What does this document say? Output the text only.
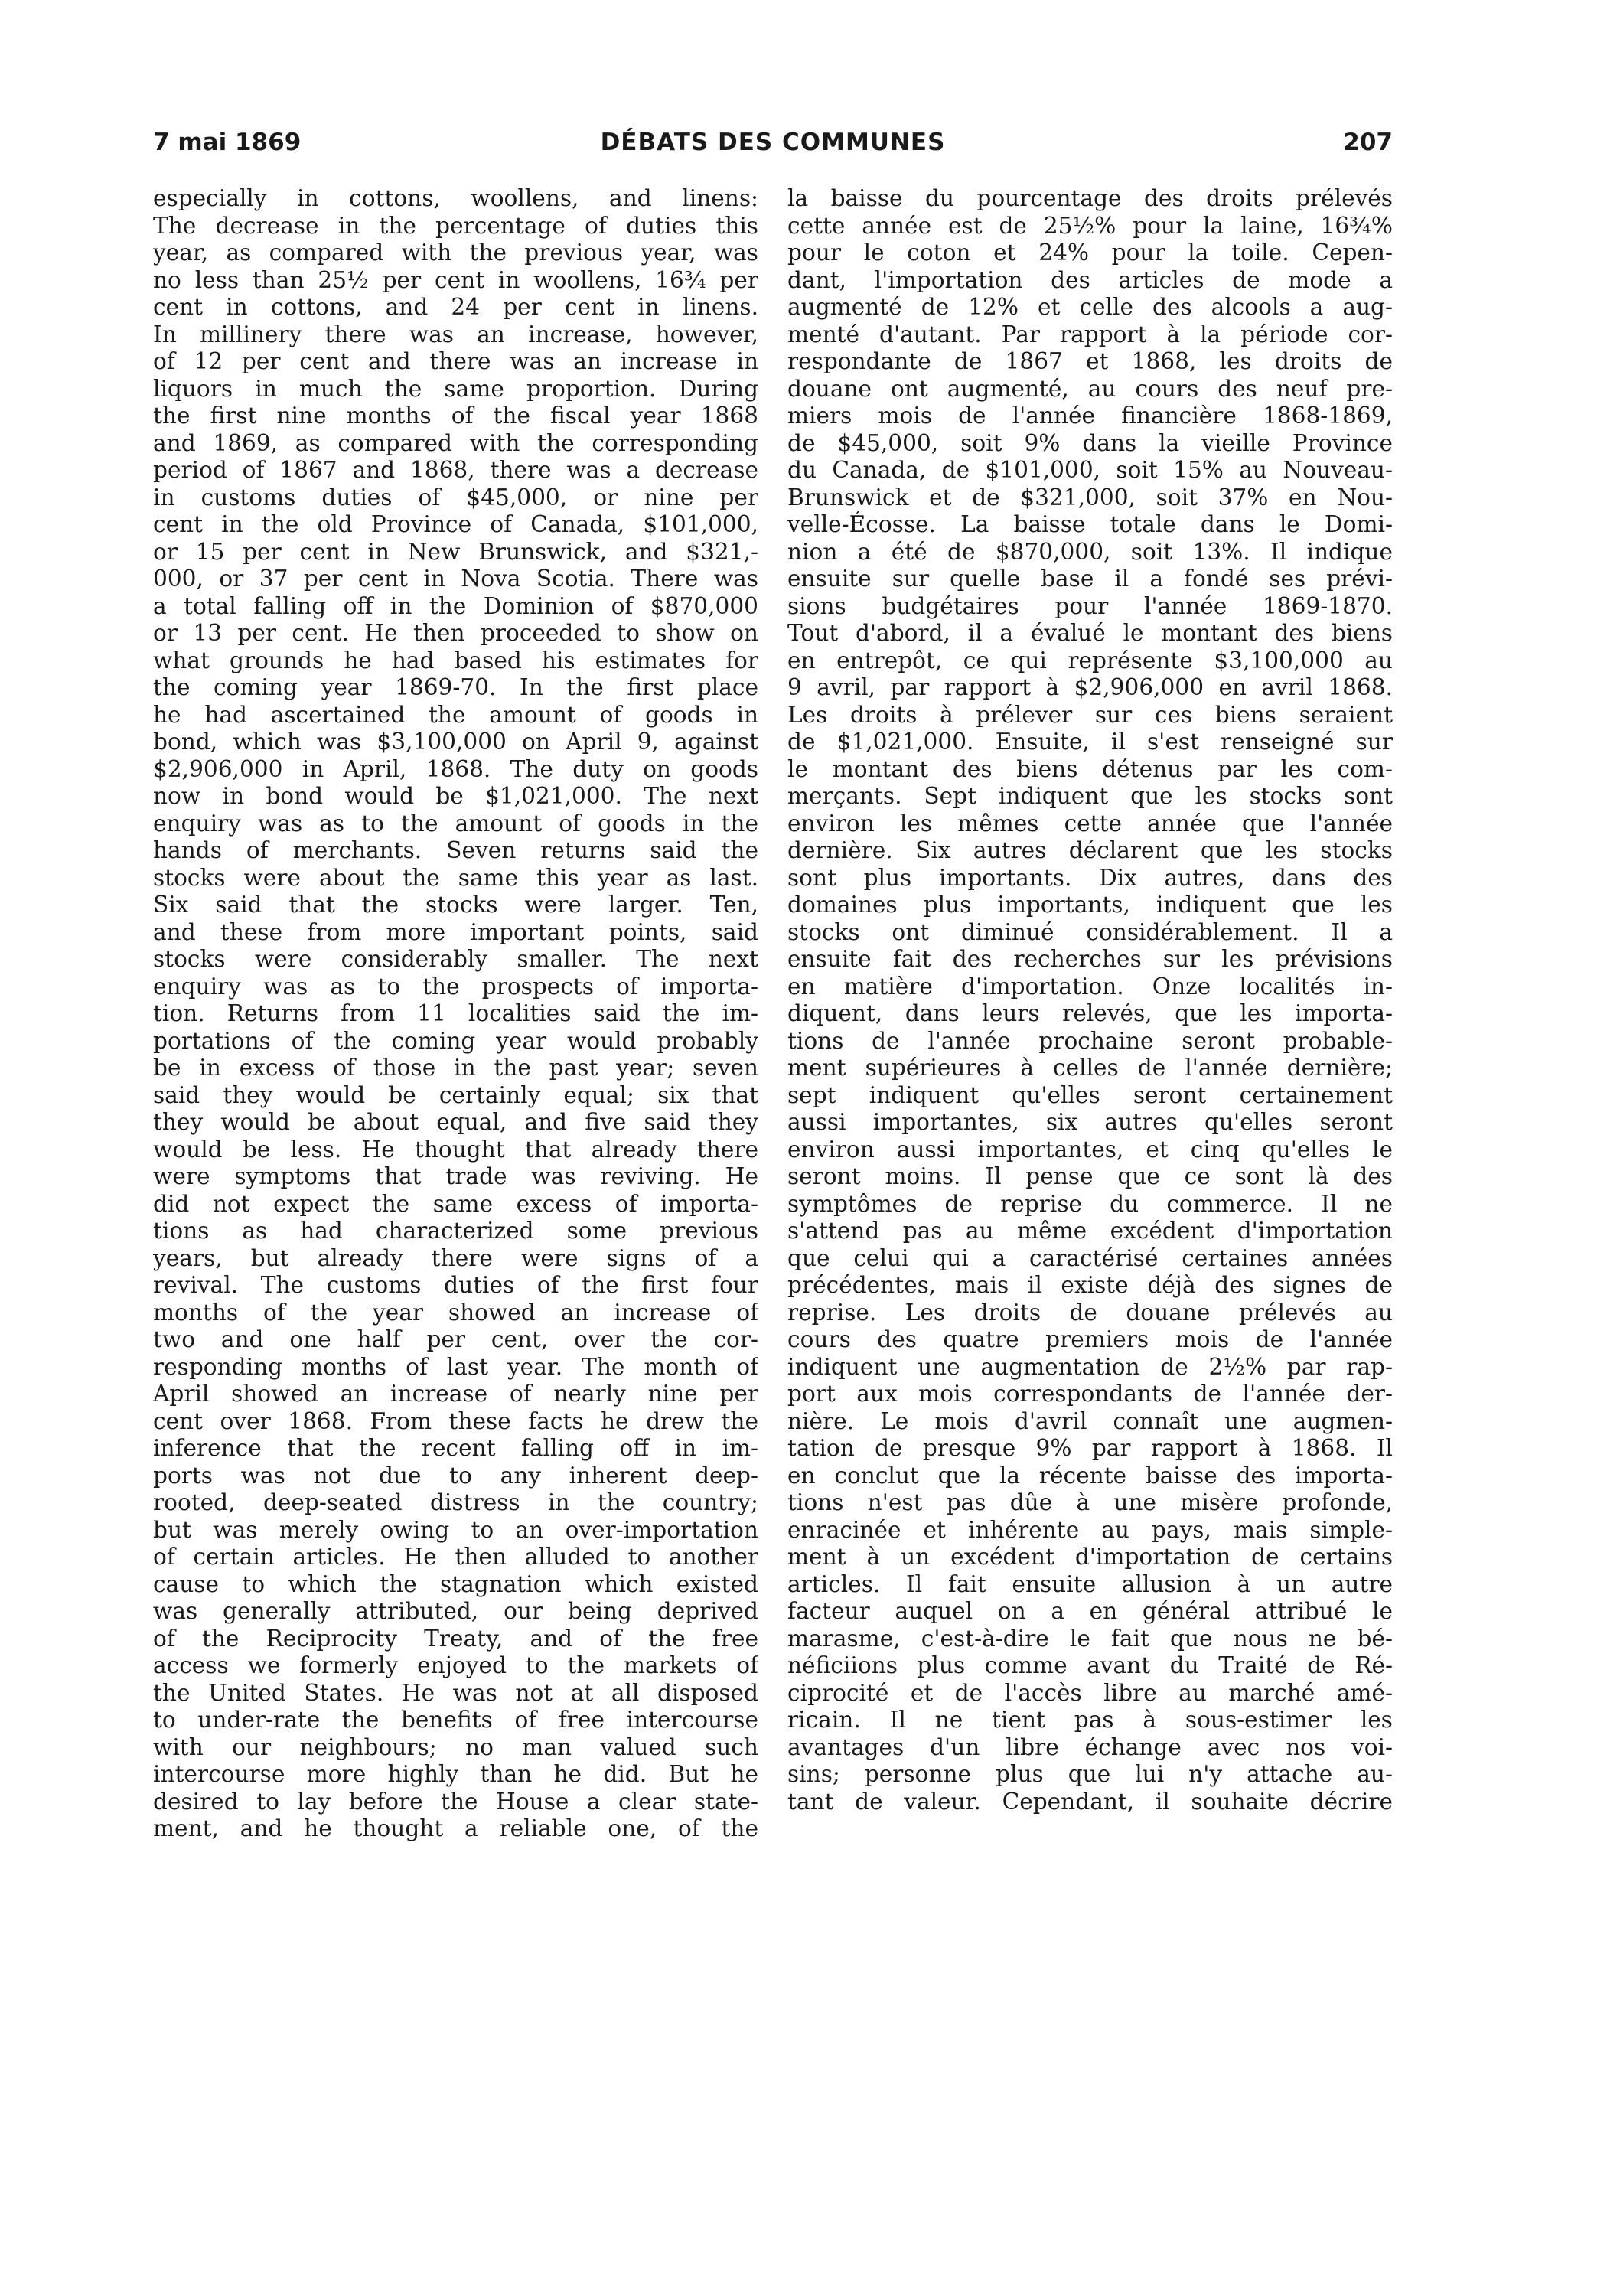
7 mai 1869	DÉBATS DES COMMUNES	207

especially in cottons, woollens, and linens:

The decrease in the percentage of duties this

year, as compared with the previous year, was

no less than 25½ per cent in woollens, 16¾ per

cent in cottons, and 24 per cent in linens.

In millinery there was an increase, however,

of 12 per cent and there was an increase in

liquors in much the same proportion. During

the first nine months of the fiscal year 1868

and 1869, as compared with the corresponding

period of 1867 and 1868, there was a decrease

in customs duties of $45,000, or nine per

cent in the old Province of Canada, $101,000,

or 15 per cent in New Brunswick, and $321,-

000, or 37 per cent in Nova Scotia. There was

a total falling off in the Dominion of $870,000

or 13 per cent. He then proceeded to show on

what grounds he had based his estimates for

the coming year 1869-70. In the first place

he had ascertained the amount of goods in

bond, which was $3,100,000 on April 9, against

$2,906,000 in April, 1868. The duty on goods

now in bond would be $1,021,000. The next

enquiry was as to the amount of goods in the

hands of merchants. Seven returns said the

stocks were about the same this year as last.

Six said that the stocks were larger. Ten,

and these from more important points, said

stocks were considerably smaller. The next

enquiry was as to the prospects of importa-

tion. Returns from 11 localities said the im-

portations of the coming year would probably

be in excess of those in the past year; seven

said they would be certainly equal; six that

they would be about equal, and five said they

would be less. He thought that already there

were symptoms that trade was reviving. He

did not expect the same excess of importa-

tions as had characterized some previous

years, but already there were signs of a

revival. The customs duties of the first four

months of the year showed an increase of

two and one half per cent, over the cor-

responding months of last year. The month of

April showed an increase of nearly nine per

cent over 1868. From these facts he drew the

inference that the recent falling off in im-

ports was not due to any inherent deep-

rooted, deep-seated distress in the country;

but was merely owing to an over-importation

of certain articles. He then alluded to another

cause to which the stagnation which existed

was generally attributed, our being deprived

of the Reciprocity Treaty, and of the free

access we formerly enjoyed to the markets of

the United States. He was not at all disposed

to under-rate the benefits of free intercourse

with our neighbours; no man valued such

intercourse more highly than he did. But he

desired to lay before the House a clear state-

ment, and he thought a reliable one, of the

la baisse du pourcentage des droits prélevés

cette année est de 25½% pour la laine, 16¾%

pour le coton et 24% pour la toile. Cepen-

dant, l'importation des articles de mode a

augmenté de 12% et celle des alcools a aug-

menté d'autant. Par rapport à la période cor-

respondante de 1867 et 1868, les droits de

douane ont augmenté, au cours des neuf pre-

miers mois de l'année financière 1868-1869,

de $45,000, soit 9% dans la vieille Province

du Canada, de $101,000, soit 15% au Nouveau-

Brunswick et de $321,000, soit 37% en Nou-

velle-Écosse. La baisse totale dans le Domi-

nion a été de $870,000, soit 13%. Il indique

ensuite sur quelle base il a fondé ses prévi-

sions budgétaires pour l'année 1869-1870.

Tout d'abord, il a évalué le montant des biens

en entrepôt, ce qui représente $3,100,000 au

9 avril, par rapport à $2,906,000 en avril 1868.

Les droits à prélever sur ces biens seraient

de $1,021,000. Ensuite, il s'est renseigné sur

le montant des biens détenus par les com-

merçants. Sept indiquent que les stocks sont

environ les mêmes cette année que l'année

dernière. Six autres déclarent que les stocks

sont plus importants. Dix autres, dans des

domaines plus importants, indiquent que les

stocks ont diminué considérablement. Il a

ensuite fait des recherches sur les prévisions

en matière d'importation. Onze localités in-

diquent, dans leurs relevés, que les importa-

tions de l'année prochaine seront probable-

ment supérieures à celles de l'année dernière;

sept indiquent qu'elles seront certainement

aussi importantes, six autres qu'elles seront

environ aussi importantes, et cinq qu'elles le

seront moins. Il pense que ce sont là des

symptômes de reprise du commerce. Il ne

s'attend pas au même excédent d'importation

que celui qui a caractérisé certaines années

précédentes, mais il existe déjà des signes de

reprise. Les droits de douane prélevés au

cours des quatre premiers mois de l'année

indiquent une augmentation de 2½% par rap-

port aux mois correspondants de l'année der-

nière. Le mois d'avril connaît une augmen-

tation de presque 9% par rapport à 1868. Il

en conclut que la récente baisse des importa-

tions n'est pas dûe à une misère profonde,

enracinée et inhérente au pays, mais simple-

ment à un excédent d'importation de certains

articles. Il fait ensuite allusion à un autre

facteur auquel on a en général attribué le

marasme, c'est-à-dire le fait que nous ne bé-

néficiions plus comme avant du Traité de Ré-

ciprocité et de l'accès libre au marché amé-

ricain. Il ne tient pas à sous-estimer les

avantages d'un libre échange avec nos voi-

sins; personne plus que lui n'y attache au-

tant de valeur. Cependant, il souhaite décrire
